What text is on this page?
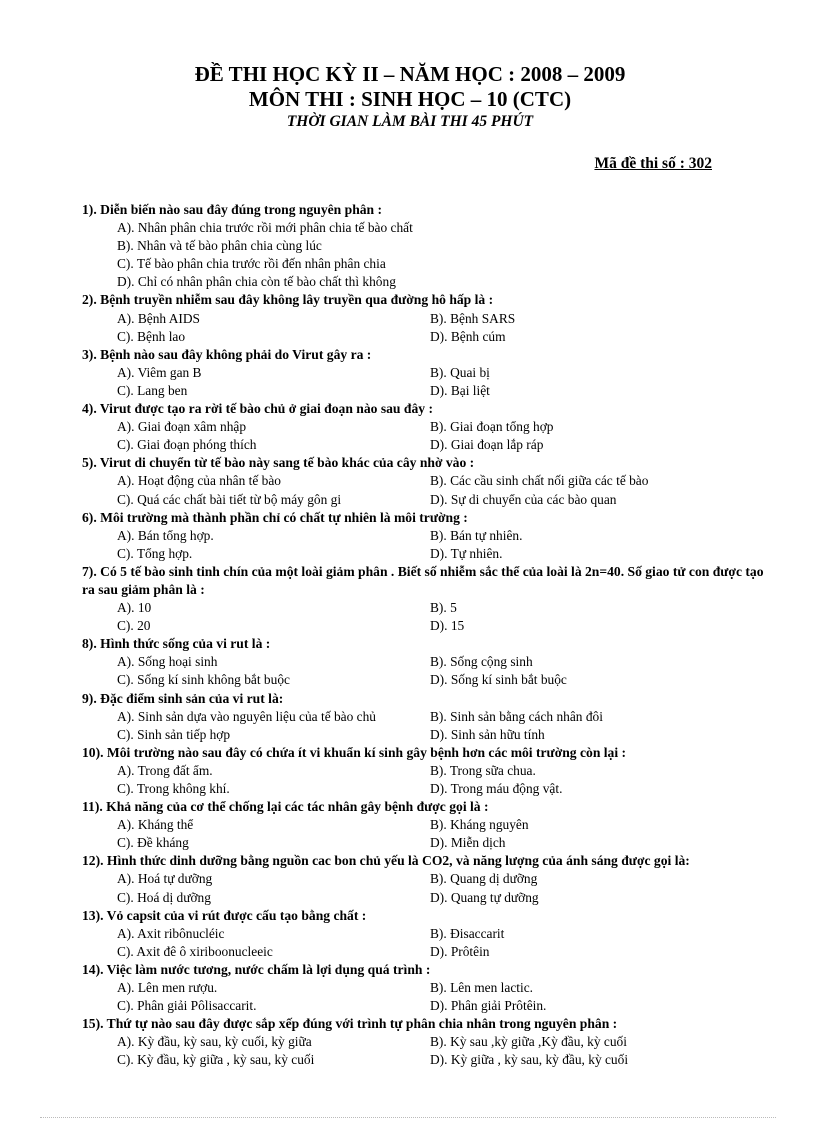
ĐỀ THI HỌC KỲ II – NĂM HỌC : 2008 – 2009
MÔN THI : SINH HỌC – 10 (CTC)
THỜI GIAN LÀM BÀI THI 45 PHÚT
Mã đề thi số : 302
1). Diễn biến nào sau đây đúng trong nguyên phân :
A). Nhân phân chia trước rồi mới phân chia tế bào chất
B). Nhân và tế bào phân chia cùng lúc
C). Tế bào phân chia trước rồi đến nhân phân chia
D). Chỉ có nhân phân chia còn tế bào chất thì không
2). Bệnh truyền nhiễm sau đây không lây truyền qua đường hô hấp là :
A). Bệnh AIDS	B). Bệnh SARS
C). Bệnh lao	D). Bệnh cúm
3). Bệnh nào sau đây không phải do Virut gây ra :
A). Viêm gan B	B). Quai bị
C). Lang ben	D). Bại liệt
4). Virut được tạo ra rời tế bào chủ ở giai đoạn nào sau đây :
A). Giai đoạn xâm nhập	B). Giai đoạn tổng hợp
C). Giai đoạn phóng thích	D). Giai đoạn lắp ráp
5). Virut di chuyển từ tế bào này sang tế bào khác của cây nhờ vào :
A). Hoạt động của nhân tế bào	B). Các cầu sinh chất nối giữa các tế bào
C). Quá các chất bài tiết từ bộ máy gôn gi	D). Sự di chuyển của các bào quan
6). Môi trường mà thành phần chỉ có chất tự nhiên là môi trường :
A). Bán tổng hợp.	B). Bán tự nhiên.
C). Tổng hợp.	D). Tự nhiên.
7). Có 5 tế bào sinh tinh chín của một loài giảm phân . Biết số nhiễm sắc thể của loài là 2n=40. Số giao tử con được tạo ra sau giảm phân là :
A). 10	B). 5
C). 20	D). 15
8). Hình thức sống của vi rut là :
A). Sống hoại sinh	B). Sống cộng sinh
C). Sống kí sinh không bắt buộc	D). Sống kí sinh bắt buộc
9). Đặc điểm sinh sản của vi rut là:
A). Sinh sản dựa vào nguyên liệu của tế bào chủ	B). Sinh sản bằng cách nhân đôi
C). Sinh sản tiếp hợp	D). Sinh sản hữu tính
10). Môi trường nào sau đây có chứa ít vi khuẩn kí sinh gây bệnh hơn các môi trường còn lại :
A). Trong đất ẩm.	B). Trong sữa chua.
C). Trong không khí.	D). Trong máu động vật.
11). Khả năng của cơ thể chống lại các tác nhân gây bệnh được gọi là :
A). Kháng thể	B). Kháng nguyên
C). Đề kháng	D). Miễn dịch
12). Hình thức dinh dưỡng bằng nguồn cac bon chủ yếu là CO2, và năng lượng của ánh sáng được gọi là:
A). Hoá tự dưỡng	B). Quang dị dưỡng
C). Hoá dị dưỡng	D). Quang tự dưỡng
13). Vỏ capsit của vi rút được cấu tạo bằng chất :
A). Axit ribônucléic	B). Đisaccarit
C). Axit đê ô xiriboonucleeic	D). Prôtêin
14). Việc làm nước tương, nước chấm là lợi dụng quá trình :
A). Lên men rượu.	B). Lên men lactic.
C). Phân giải Pôlisaccarit.	D). Phân giải Prôtêin.
15). Thứ tự nào sau đây được sắp xếp đúng với trình tự phân chia nhân trong nguyên phân :
A). Kỳ đầu, kỳ sau, kỳ cuối, kỳ giữa	B). Kỳ sau ,kỳ giữa ,Kỳ đầu, kỳ cuối
C). Kỳ đầu, kỳ giữa , kỳ sau, kỳ cuối	D). Kỳ giữa , kỳ sau, kỳ đầu, kỳ cuối
